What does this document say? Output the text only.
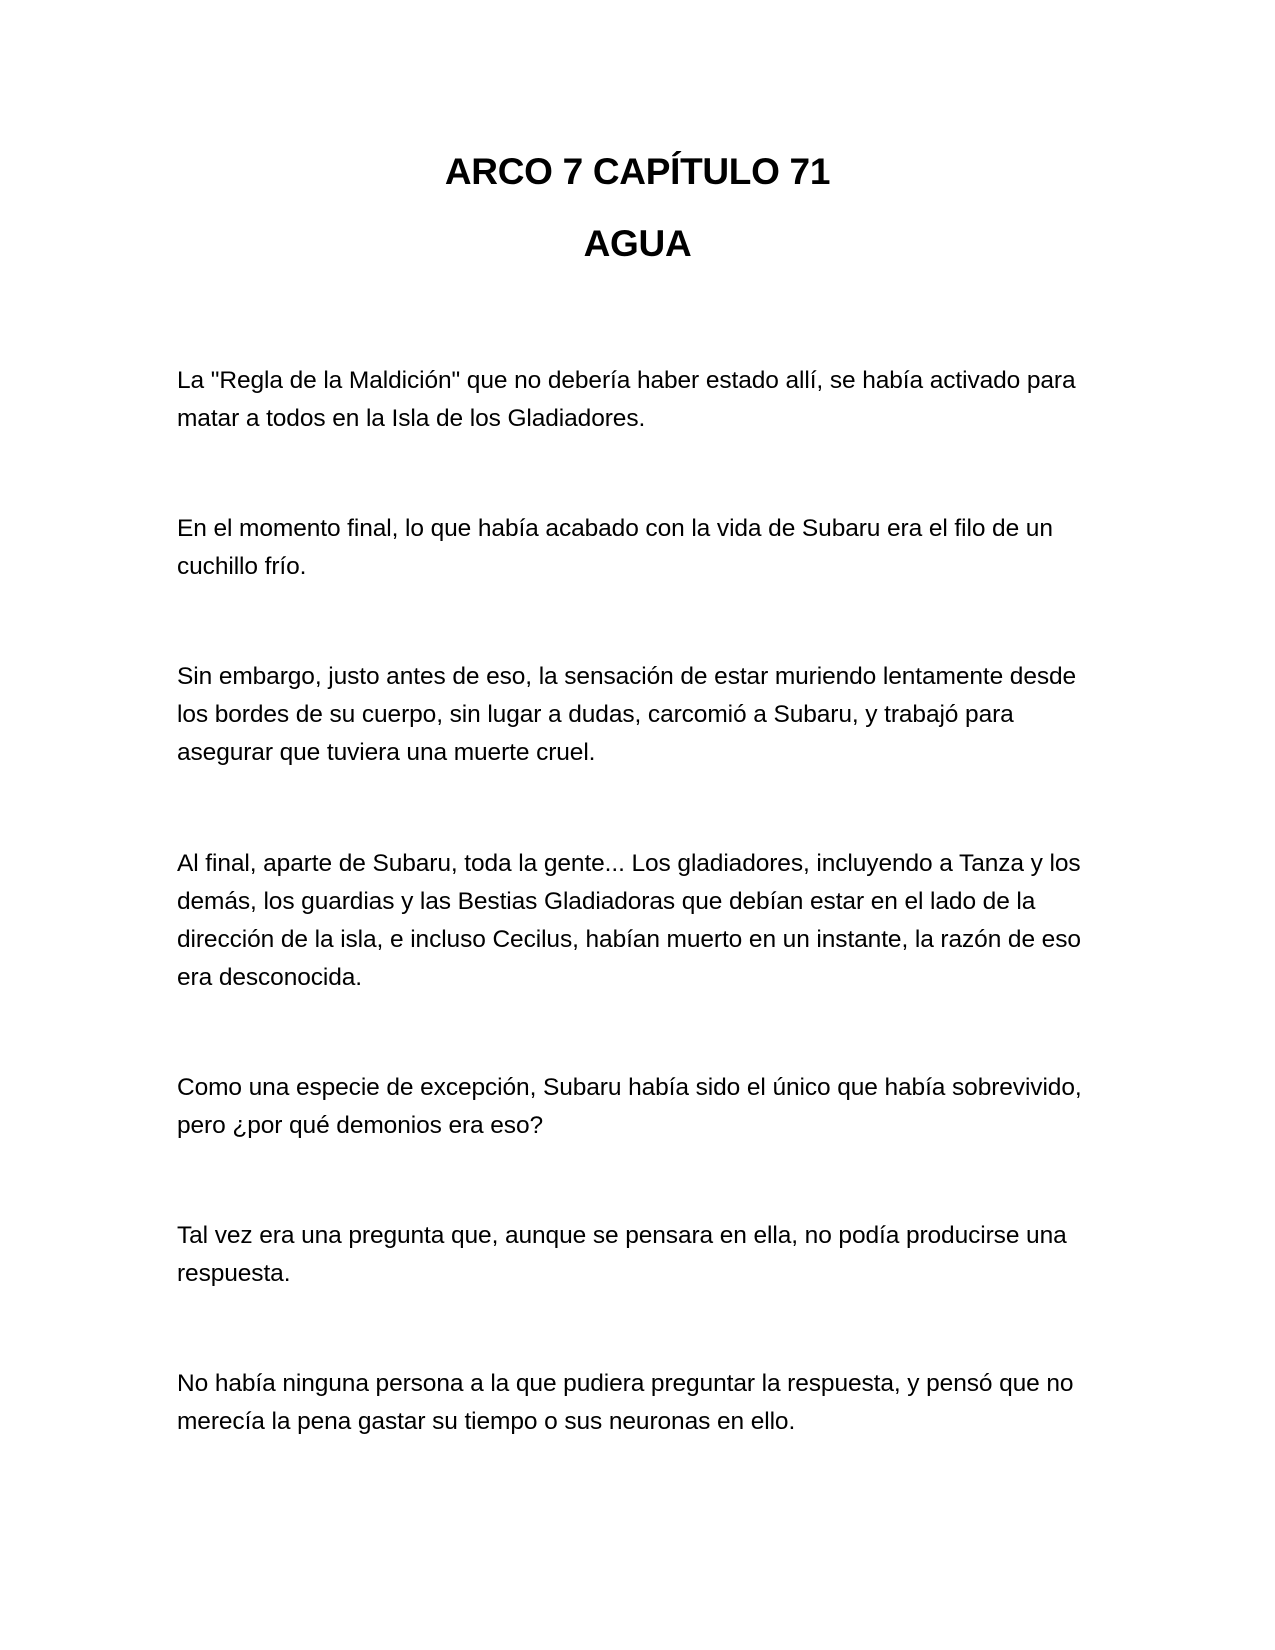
ARCO 7 CAPÍTULO 71
AGUA

La "Regla de la Maldición" que no debería haber estado allí, se había activado para matar a todos en la Isla de los Gladiadores.

En el momento final, lo que había acabado con la vida de Subaru era el filo de un cuchillo frío.

Sin embargo, justo antes de eso, la sensación de estar muriendo lentamente desde los bordes de su cuerpo, sin lugar a dudas, carcomió a Subaru, y trabajó para asegurar que tuviera una muerte cruel.

Al final, aparte de Subaru, toda la gente... Los gladiadores, incluyendo a Tanza y los demás, los guardias y las Bestias Gladiadoras que debían estar en el lado de la dirección de la isla, e incluso Cecilus, habían muerto en un instante, la razón de eso era desconocida.

Como una especie de excepción, Subaru había sido el único que había sobrevivido, pero ¿por qué demonios era eso?

Tal vez era una pregunta que, aunque se pensara en ella, no podía producirse una respuesta.

No había ninguna persona a la que pudiera preguntar la respuesta, y pensó que no merecía la pena gastar su tiempo o sus neuronas en ello.
